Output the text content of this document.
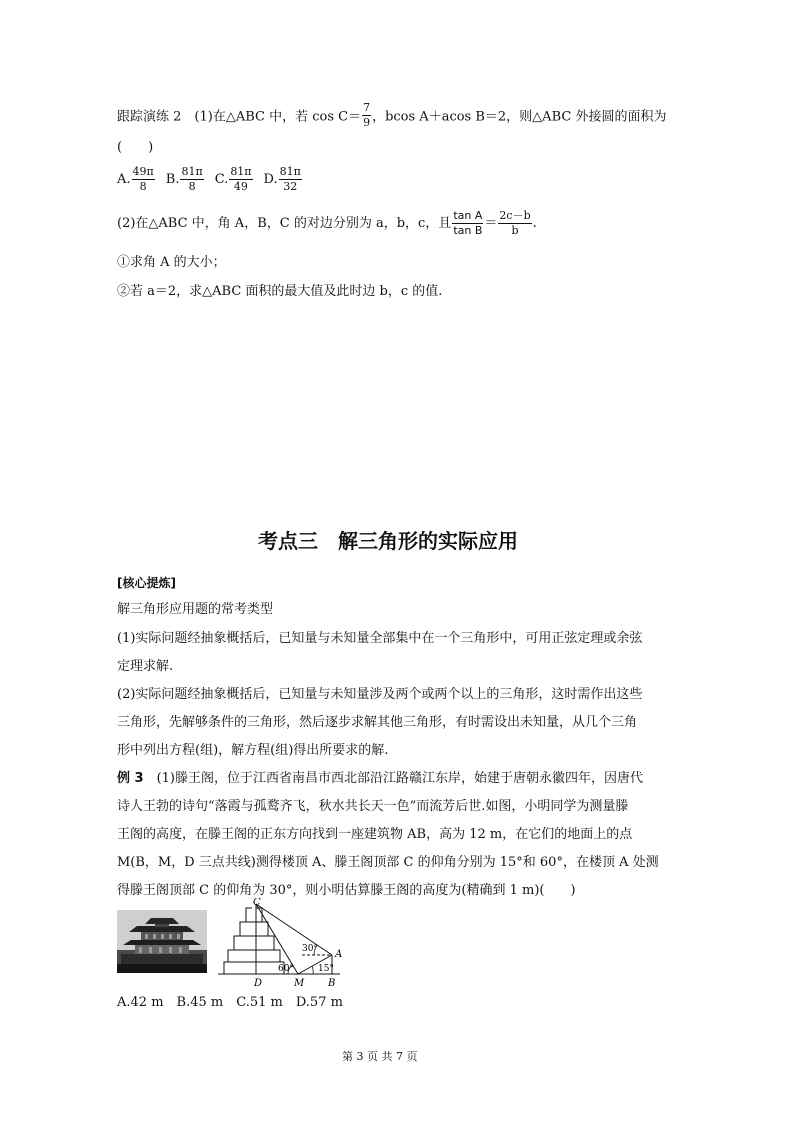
跟踪演练 2　(1)在△ABC 中，若 $\cos C= \frac{7}{9}$ ，bcos A＋acos B＝2，则△ABC 外接圆的面积为
(　　)
A. $\frac{49\pi}{8} B$. $\frac{81\pi}{8} C$. $\frac{81\pi}{49} D$. $\frac{81\pi}{32}$
(2)在△ABC 中，角 A，B，C 的对边分别为 a，b，c，且 $\frac{\text{tan A}}{\text{tan B}} = \frac{2c-b}{b}$ .
①求角 A 的大小；
②若 a＝2，求△ABC 面积的最大值及此时边 b，c 的值.
考点三　解三角形的实际应用
[核心提炼]
解三角形应用题的常考类型
(1)实际问题经抽象概括后，已知量与未知量全部集中在一个三角形中，可用正弦定理或余弦
定理求解.
(2)实际问题经抽象概括后，已知量与未知量涉及两个或两个以上的三角形，这时需作出这些
三角形，先解够条件的三角形，然后逐步求解其他三角形，有时需设出未知量，从几个三角
形中列出方程(组)，解方程(组)得出所要求的解.
例 3　(1)滕王阁，位于江西省南昌市西北部沿江路赣江东岸，始建于唐朝永徽四年，因唐代
诗人王勃的诗句“落霞与孤鹜齐飞，秋水共长天一色”而流芳后世.如图，小明同学为测量滕
王阁的高度，在滕王阁的正东方向找到一座建筑物 AB，高为 12 m，在它们的地面上的点
M(B，M，D 三点共线)测得楼顶 A、滕王阁顶部 C 的仰角分别为 15°和 60°，在楼顶 A 处测
得滕王阁顶部 C 的仰角为 30°，则小明估算滕王阁的高度为(精确到 1 m)(　　)
C
A
B
D	M
30°
60°	15°
A.42 m　B.45 m　C.51 m　D.57 m
第 3 页 共 7 页
